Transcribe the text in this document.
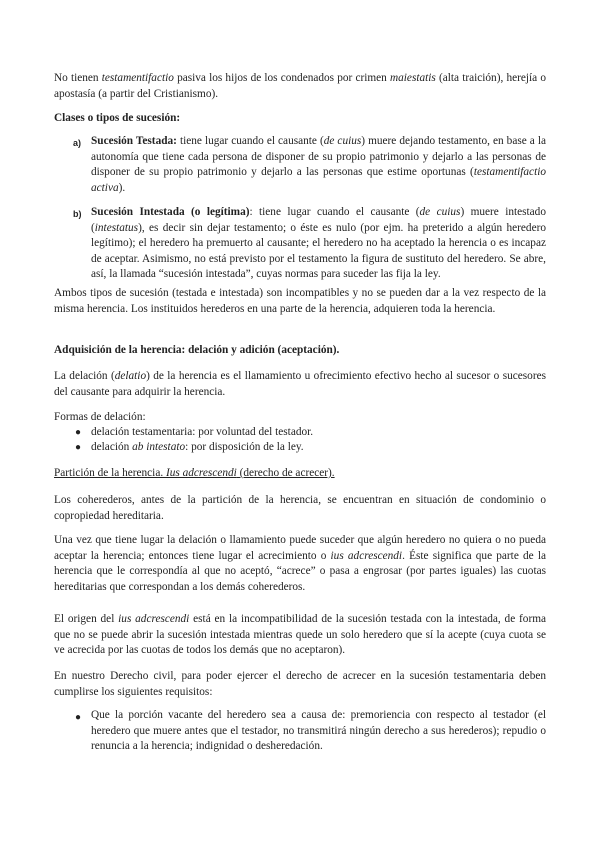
No tienen testamentifactio pasiva los hijos de los condenados por crimen maiestatis (alta traición), herejía o apostasía (a partir del Cristianismo).

Clases o tipos de sucesión:
a) Sucesión Testada: tiene lugar cuando el causante (de cuius) muere dejando testamento, en base a la autonomía que tiene cada persona de disponer de su propio patrimonio y dejarlo a las personas de disponer de su propio patrimonio y dejarlo a las personas que estime oportunas (testamentifactio activa).
b) Sucesión Intestada (o legítima): tiene lugar cuando el causante (de cuius) muere intestado (intestatus), es decir sin dejar testamento; o éste es nulo (por ejm. ha preterido a algún heredero legítimo); el heredero ha premuerto al causante; el heredero no ha aceptado la herencia o es incapaz de aceptar. Asimismo, no está previsto por el testamento la figura de sustituto del heredero. Se abre, así, la llamada “sucesión intestada”, cuyas normas para suceder las fija la ley.
Ambos tipos de sucesión (testada e intestada) son incompatibles y no se pueden dar a la vez respecto de la misma herencia. Los instituidos herederos en una parte de la herencia, adquieren toda la herencia.
Adquisición de la herencia: delación y adición (aceptación).
La delación (delatio) de la herencia es el llamamiento u ofrecimiento efectivo hecho al sucesor o sucesores del causante para adquirir la herencia.
Formas de delación:
● delación testamentaria: por voluntad del testador.
● delación ab intestato: por disposición de la ley.
Partición de la herencia. Ius adcrescendi (derecho de acrecer).
Los coherederos, antes de la partición de la herencia, se encuentran en situación de condominio o copropiedad hereditaria.
Una vez que tiene lugar la delación o llamamiento puede suceder que algún heredero no quiera o no pueda aceptar la herencia; entonces tiene lugar el acrecimiento o ius adcrescendi. Éste significa que parte de la herencia que le correspondía al que no aceptó, “acrece” o pasa a engrosar (por partes iguales) las cuotas hereditarias que correspondan a los demás coherederos.
El origen del ius adcrescendi está en la incompatibilidad de la sucesión testada con la intestada, de forma que no se puede abrir la sucesión intestada mientras quede un solo heredero que sí la acepte (cuya cuota se ve acrecida por las cuotas de todos los demás que no aceptaron).
En nuestro Derecho civil, para poder ejercer el derecho de acrecer en la sucesión testamentaria deben cumplirse los siguientes requisitos:
● Que la porción vacante del heredero sea a causa de: premoriencia con respecto al testador (el heredero que muere antes que el testador, no transmitirá ningún derecho a sus herederos); repudio o renuncia a la herencia; indignidad o desheredación.
